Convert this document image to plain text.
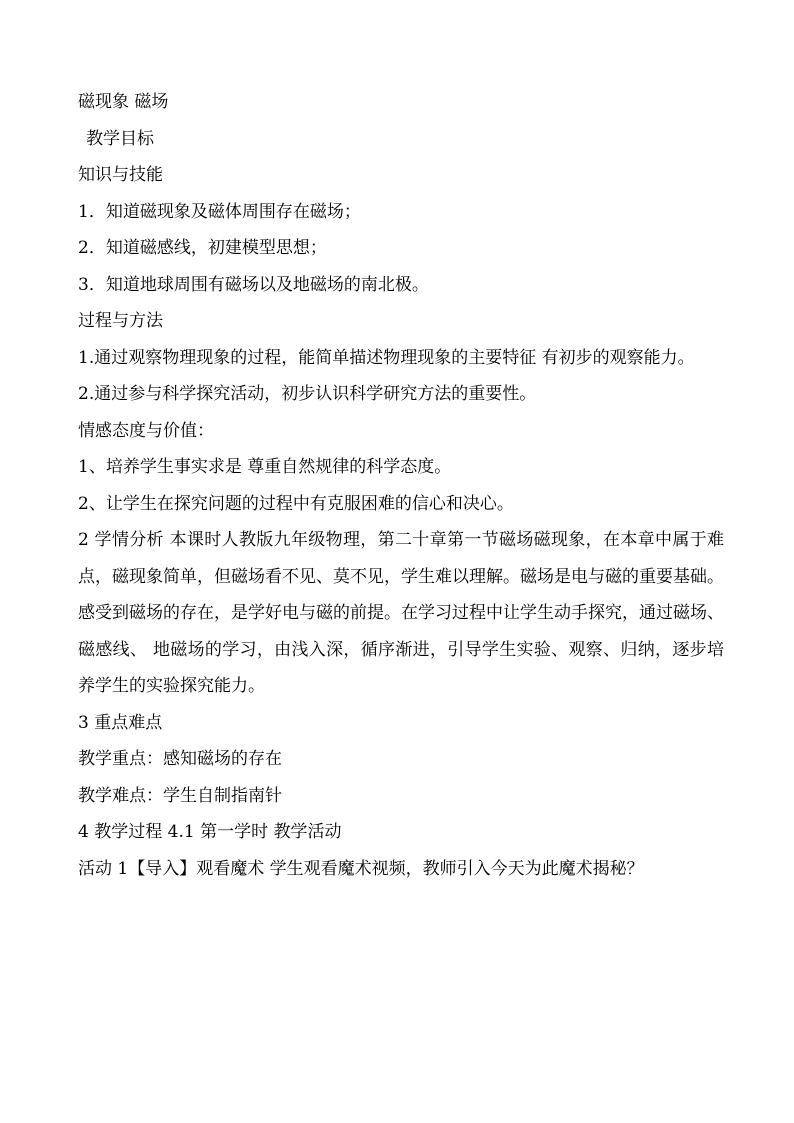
磁现象 磁场

教学目标

知识与技能

1．知道磁现象及磁体周围存在磁场；

2．知道磁感线，初建模型思想；

3．知道地球周围有磁场以及地磁场的南北极。

过程与方法

1.通过观察物理现象的过程，能简单描述物理现象的主要特征 有初步的观察能力。

2.通过参与科学探究活动，初步认识科学研究方法的重要性。

情感态度与价值：

1、培养学生事实求是 尊重自然规律的科学态度。

2、让学生在探究问题的过程中有克服困难的信心和决心。

2 学情分析 本课时人教版九年级物理，第二十章第一节磁场磁现象，在本章中属于难点，磁现象简单，但磁场看不见、莫不见，学生难以理解。磁场是电与磁的重要基础。感受到磁场的存在，是学好电与磁的前提。在学习过程中让学生动手探究，通过磁场、磁感线、 地磁场的学习，由浅入深，循序渐进，引导学生实验、观察、归纳，逐步培养学生的实验探究能力。

3 重点难点

教学重点：感知磁场的存在

教学难点：学生自制指南针

4 教学过程 4.1 第一学时 教学活动

活动 1【导入】观看魔术 学生观看魔术视频，教师引入今天为此魔术揭秘？
